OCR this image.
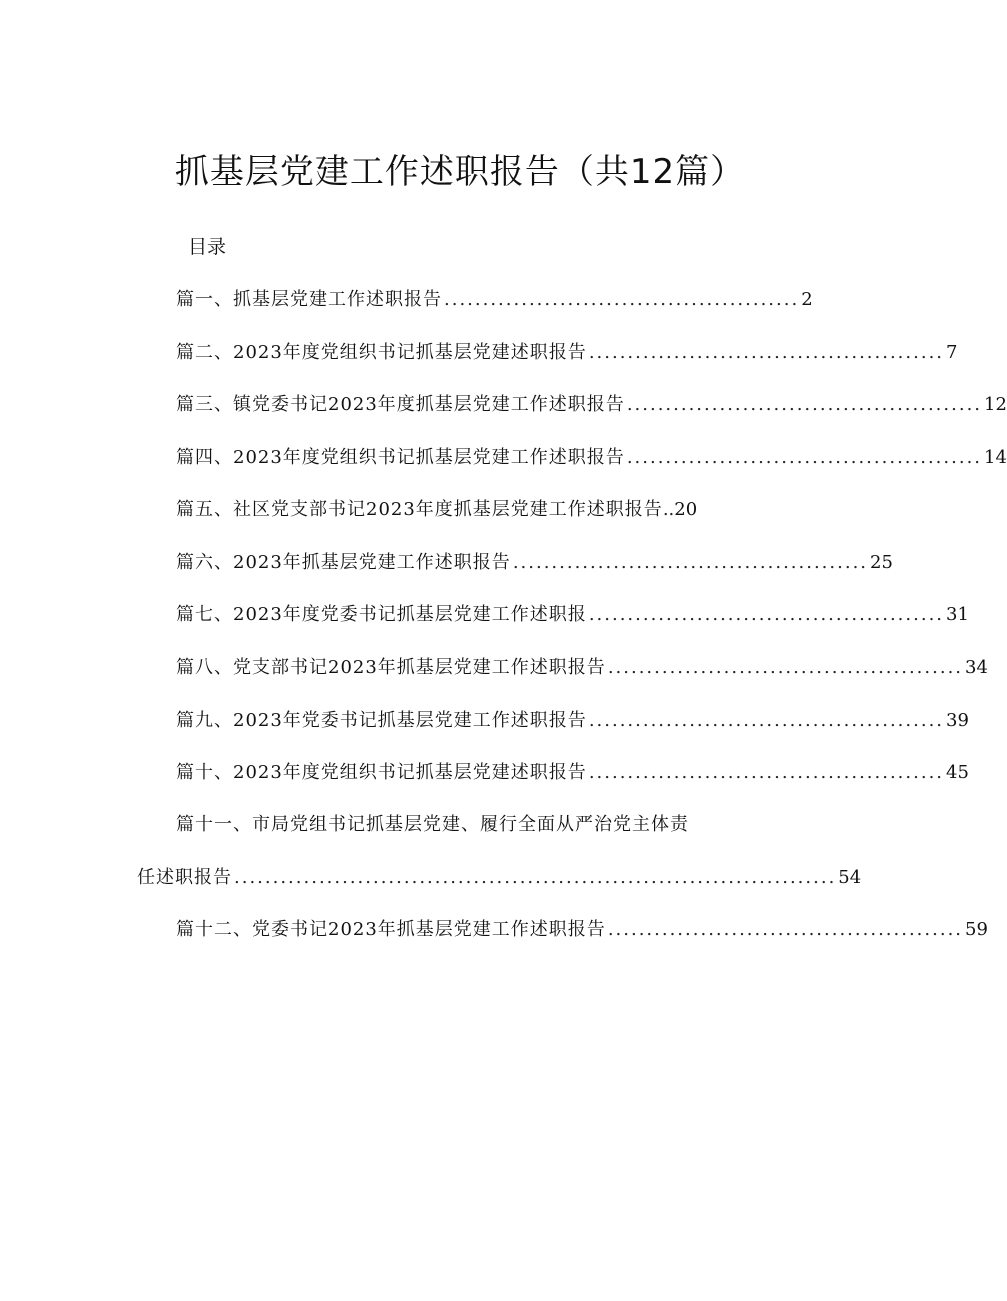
抓基层党建工作述职报告（共12篇）
目录
篇一、抓基层党建工作述职报告 .............................................. 2
篇二、2023年度党组织书记抓基层党建述职报告 .............................................. 7
篇三、镇党委书记2023年度抓基层党建工作述职报告 .............................................. 12
篇四、2023年度党组织书记抓基层党建工作述职报告 .............................................. 14
篇五、社区党支部书记2023年度抓基层党建工作述职报告 .. 20
篇六、2023年抓基层党建工作述职报告 .............................................. 25
篇七、2023年度党委书记抓基层党建工作述职报 .............................................. 31
篇八、党支部书记2023年抓基层党建工作述职报告 .............................................. 34
篇九、2023年党委书记抓基层党建工作述职报告 .............................................. 39
篇十、2023年度党组织书记抓基层党建述职报告 .............................................. 45
篇十一、市局党组书记抓基层党建、履行全面从严治党主体责
任述职报告 .............................................................................. 54
篇十二、党委书记2023年抓基层党建工作述职报告 .............................................. 59
